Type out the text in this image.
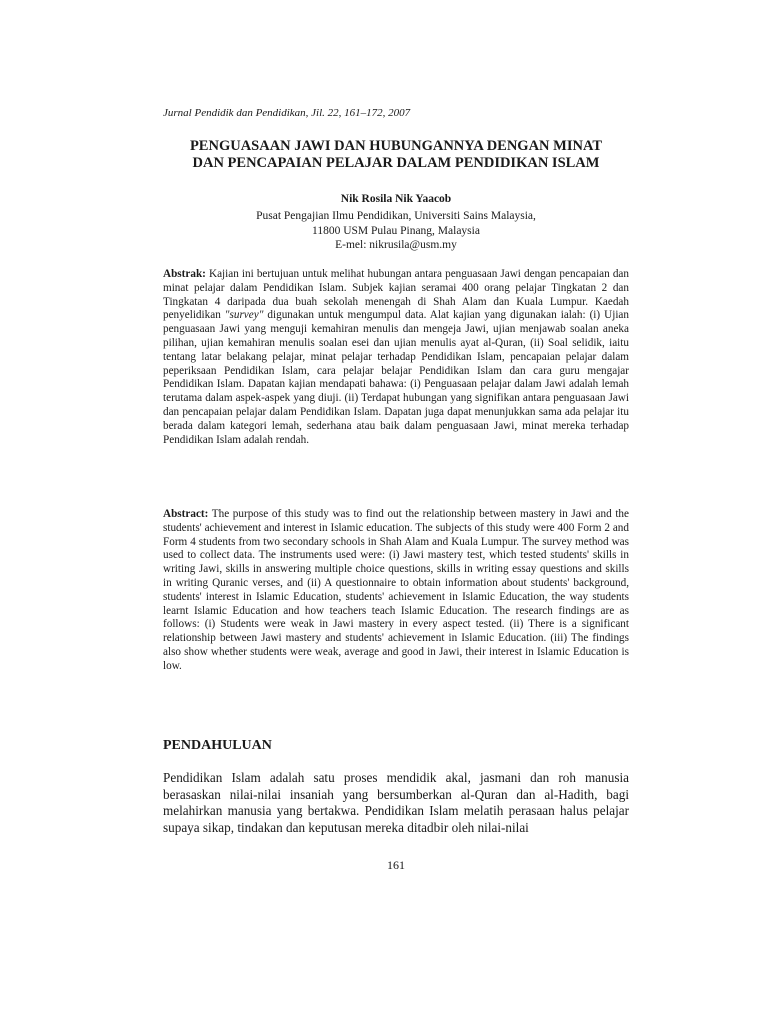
Jurnal Pendidik dan Pendidikan, Jil. 22, 161–172, 2007
PENGUASAAN JAWI DAN HUBUNGANNYA DENGAN MINAT
DAN PENCAPAIAN PELAJAR DALAM PENDIDIKAN ISLAM
Nik Rosila Nik Yaacob
Pusat Pengajian Ilmu Pendidikan, Universiti Sains Malaysia,
11800 USM Pulau Pinang, Malaysia
E-mel: nikrusila@usm.my

Abstrak: Kajian ini bertujuan untuk melihat hubungan antara penguasaan Jawi dengan pencapaian dan minat pelajar dalam Pendidikan Islam. Subjek kajian seramai 400 orang pelajar Tingkatan 2 dan Tingkatan 4 daripada dua buah sekolah menengah di Shah Alam dan Kuala Lumpur. Kaedah penyelidikan "survey" digunakan untuk mengumpul data. Alat kajian yang digunakan ialah: (i) Ujian penguasaan Jawi yang menguji kemahiran menulis dan mengeja Jawi, ujian menjawab soalan aneka pilihan, ujian kemahiran menulis soalan esei dan ujian menulis ayat al-Quran, (ii) Soal selidik, iaitu tentang latar belakang pelajar, minat pelajar terhadap Pendidikan Islam, pencapaian pelajar dalam peperiksaan Pendidikan Islam, cara pelajar belajar Pendidikan Islam dan cara guru mengajar Pendidikan Islam. Dapatan kajian mendapati bahawa: (i) Penguasaan pelajar dalam Jawi adalah lemah terutama dalam aspek-aspek yang diuji. (ii) Terdapat hubungan yang signifikan antara penguasaan Jawi dan pencapaian pelajar dalam Pendidikan Islam. Dapatan juga dapat menunjukkan sama ada pelajar itu berada dalam kategori lemah, sederhana atau baik dalam penguasaan Jawi, minat mereka terhadap Pendidikan Islam adalah rendah.

Abstract: The purpose of this study was to find out the relationship between mastery in Jawi and the students' achievement and interest in Islamic education. The subjects of this study were 400 Form 2 and Form 4 students from two secondary schools in Shah Alam and Kuala Lumpur. The survey method was used to collect data. The instruments used were: (i) Jawi mastery test, which tested students' skills in writing Jawi, skills in answering multiple choice questions, skills in writing essay questions and skills in writing Quranic verses, and (ii) A questionnaire to obtain information about students' background, students' interest in Islamic Education, students' achievement in Islamic Education, the way students learnt Islamic Education and how teachers teach Islamic Education. The research findings are as follows: (i) Students were weak in Jawi mastery in every aspect tested. (ii) There is a significant relationship between Jawi mastery and students' achievement in Islamic Education. (iii) The findings also show whether students were weak, average and good in Jawi, their interest in Islamic Education is low.

PENDAHULUAN

Pendidikan Islam adalah satu proses mendidik akal, jasmani dan roh manusia berasaskan nilai-nilai insaniah yang bersumberkan al-Quran dan al-Hadith, bagi melahirkan manusia yang bertakwa. Pendidikan Islam melatih perasaan halus pelajar supaya sikap, tindakan dan keputusan mereka ditadbir oleh nilai-nilai

161
